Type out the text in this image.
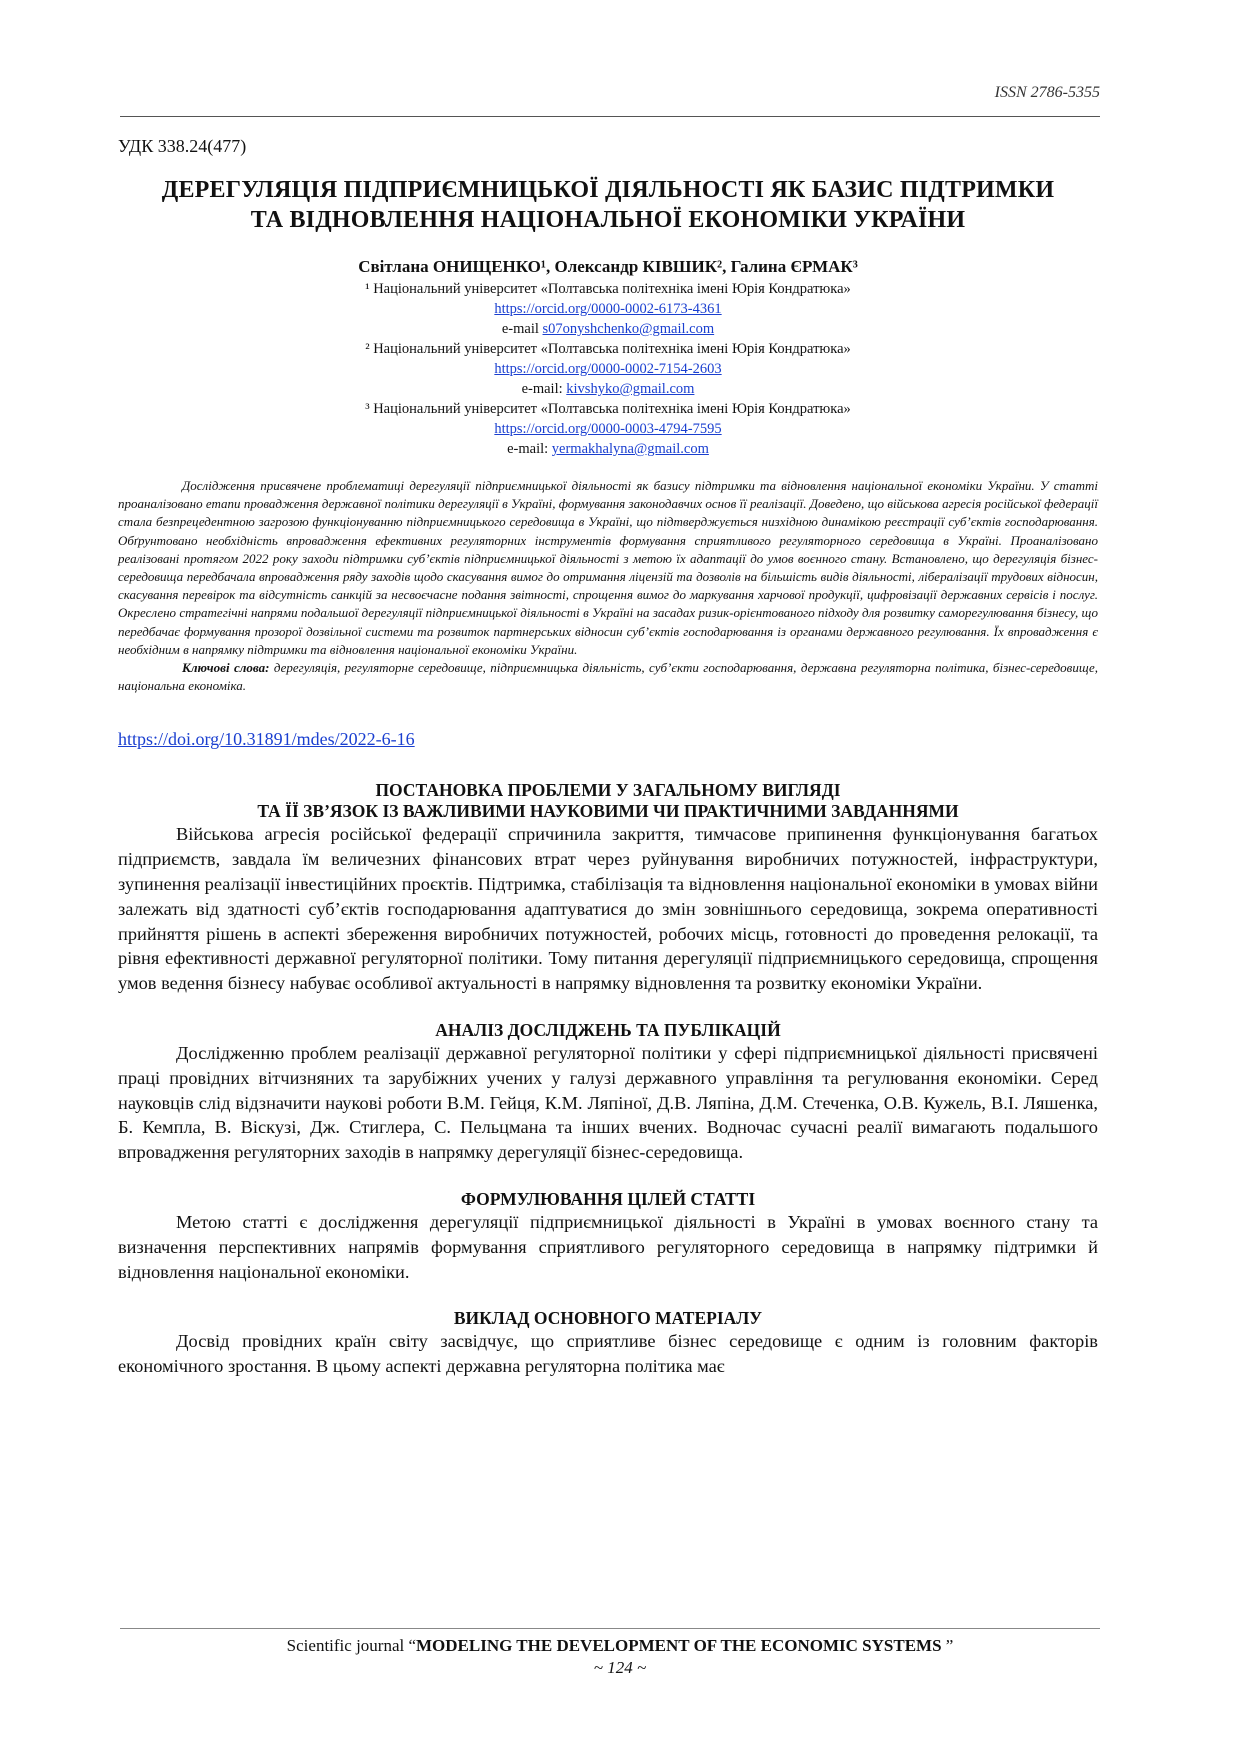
ISSN 2786-5355
УДК 338.24(477)
ДЕРЕГУЛЯЦІЯ ПІДПРИЄМНИЦЬКОЇ ДІЯЛЬНОСТІ ЯК БАЗИС ПІДТРИМКИ
ТА ВІДНОВЛЕННЯ НАЦІОНАЛЬНОЇ ЕКОНОМІКИ УКРАЇНИ
Світлана ОНИЩЕНКО¹, Олександр КІВШИК², Галина ЄРМАК³
¹ Національний університет «Полтавська політехніка імені Юрія Кондратюка»
https://orcid.org/0000-0002-6173-4361
e-mail s07onyshchenko@gmail.com
² Національний університет «Полтавська політехніка імені Юрія Кондратюка»
https://orcid.org/0000-0002-7154-2603
e-mail: kivshyko@gmail.com
³ Національний університет «Полтавська політехніка імені Юрія Кондратюка»
https://orcid.org/0000-0003-4794-7595
e-mail: yermakhalyna@gmail.com

Дослідження присвячене проблематиці дерегуляції підприємницької діяльності як базису підтримки та відновлення національної економіки України. У статті проаналізовано етапи провадження державної політики дерегуляції в Україні, формування законодавчих основ її реалізації. Доведено, що військова агресія російської федерації стала безпрецедентною загрозою функціонуванню підприємницького середовища в Україні, що підтверджується низхідною динамікою реєстрації суб’єктів господарювання. Обґрунтовано необхідність впровадження ефективних регуляторних інструментів формування сприятливого регуляторного середовища в Україні. Проаналізовано реалізовані протягом 2022 року заходи підтримки суб’єктів підприємницької діяльності з метою їх адаптації до умов воєнного стану. Встановлено, що дерегуляція бізнес-середовища передбачала впровадження ряду заходів щодо скасування вимог до отримання ліцензій та дозволів на більшість видів діяльності, лібералізації трудових відносин, скасування перевірок та відсутність санкцій за несвоєчасне подання звітності, спрощення вимог до маркування харчової продукції, цифровізації державних сервісів і послуг. Окреслено стратегічні напрями подальшої дерегуляції підприємницької діяльності в Україні на засадах ризик-орієнтованого підходу для розвитку саморегулювання бізнесу, що передбачає формування прозорої дозвільної системи та розвиток партнерських відносин суб’єктів господарювання із органами державного регулювання. Їх впровадження є необхідним в напрямку підтримки та відновлення національної економіки України.

Ключові слова: дерегуляція, регуляторне середовище, підприємницька діяльність, суб’єкти господарювання, державна регуляторна політика, бізнес-середовище, національна економіка.

https://doi.org/10.31891/mdes/2022-6-16
ПОСТАНОВКА ПРОБЛЕМИ У ЗАГАЛЬНОМУ ВИГЛЯДІ
ТА ЇЇ ЗВ’ЯЗОК ІЗ ВАЖЛИВИМИ НАУКОВИМИ ЧИ ПРАКТИЧНИМИ ЗАВДАННЯМИ

Військова агресія російської федерації спричинила закриття, тимчасове припинення функціонування багатьох підприємств, завдала їм величезних фінансових втрат через руйнування виробничих потужностей, інфраструктури, зупинення реалізації інвестиційних проєктів. Підтримка, стабілізація та відновлення національної економіки в умовах війни залежать від здатності суб’єктів господарювання адаптуватися до змін зовнішнього середовища, зокрема оперативності прийняття рішень в аспекті збереження виробничих потужностей, робочих місць, готовності до проведення релокації, та рівня ефективності державної регуляторної політики. Тому питання дерегуляції підприємницького середовища, спрощення умов ведення бізнесу набуває особливої актуальності в напрямку відновлення та розвитку економіки України.

АНАЛІЗ ДОСЛІДЖЕНЬ ТА ПУБЛІКАЦІЙ

Дослідженню проблем реалізації державної регуляторної політики у сфері підприємницької діяльності присвячені праці провідних вітчизняних та зарубіжних учених у галузі державного управління та регулювання економіки. Серед науковців слід відзначити наукові роботи В.М. Гейця, К.М. Ляпіної, Д.В. Ляпіна, Д.М. Стеченка, О.В. Кужель, В.І. Ляшенка, Б. Кемпла, В. Віскузі, Дж. Стиглера, С. Пельцмана та інших вчених. Водночас сучасні реалії вимагають подальшого впровадження регуляторних заходів в напрямку дерегуляції бізнес-середовища.

ФОРМУЛЮВАННЯ ЦІЛЕЙ СТАТТІ

Метою статті є дослідження дерегуляції підприємницької діяльності в Україні в умовах воєнного стану та визначення перспективних напрямів формування сприятливого регуляторного середовища в напрямку підтримки й відновлення національної економіки.

ВИКЛАД ОСНОВНОГО МАТЕРІАЛУ

Досвід провідних країн світу засвідчує, що сприятливе бізнес середовище є одним із головним факторів економічного зростання. В цьому аспекті державна регуляторна політика має

Scientific journal “MODELING THE DEVELOPMENT OF THE ECONOMIC SYSTEMS ”
~ 124 ~
